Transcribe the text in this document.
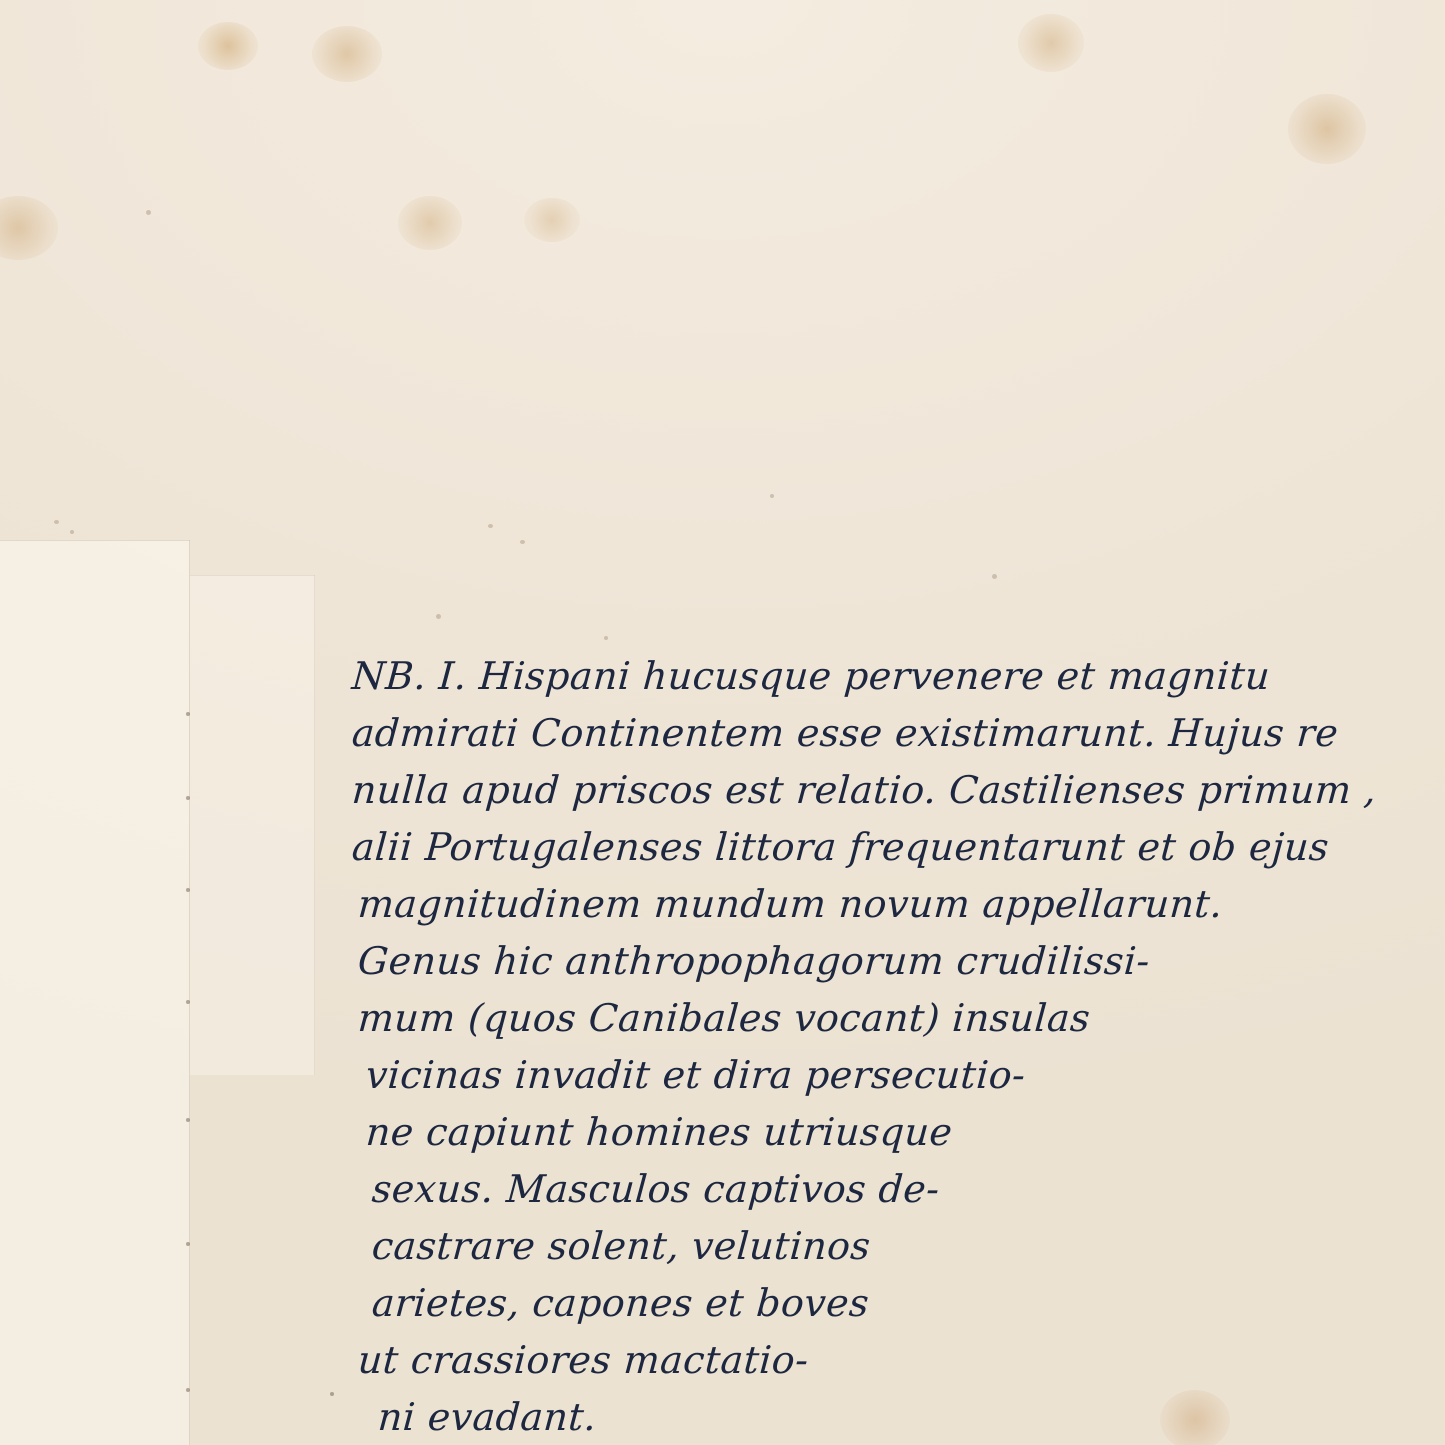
NB. I. Hispani hucusque pervenere et magnitu
admirati Continentem esse existimarunt. Hujus re
nulla apud priscos est relatio. Castilienses primum ,
alii Portugalenses littora frequentarunt et ob ejus
magnitudinem mundum novum appellarunt.
Genus hic anthropophagorum crudilissi-
mum (quos Canibales vocant) insulas
vicinas invadit et dira persecutio-
ne capiunt homines utriusque
sexus. Masculos captivos de-
castrare solent, velutinos
arietes, capones et boves
ut crassiores mactatio-
ni evadant.
